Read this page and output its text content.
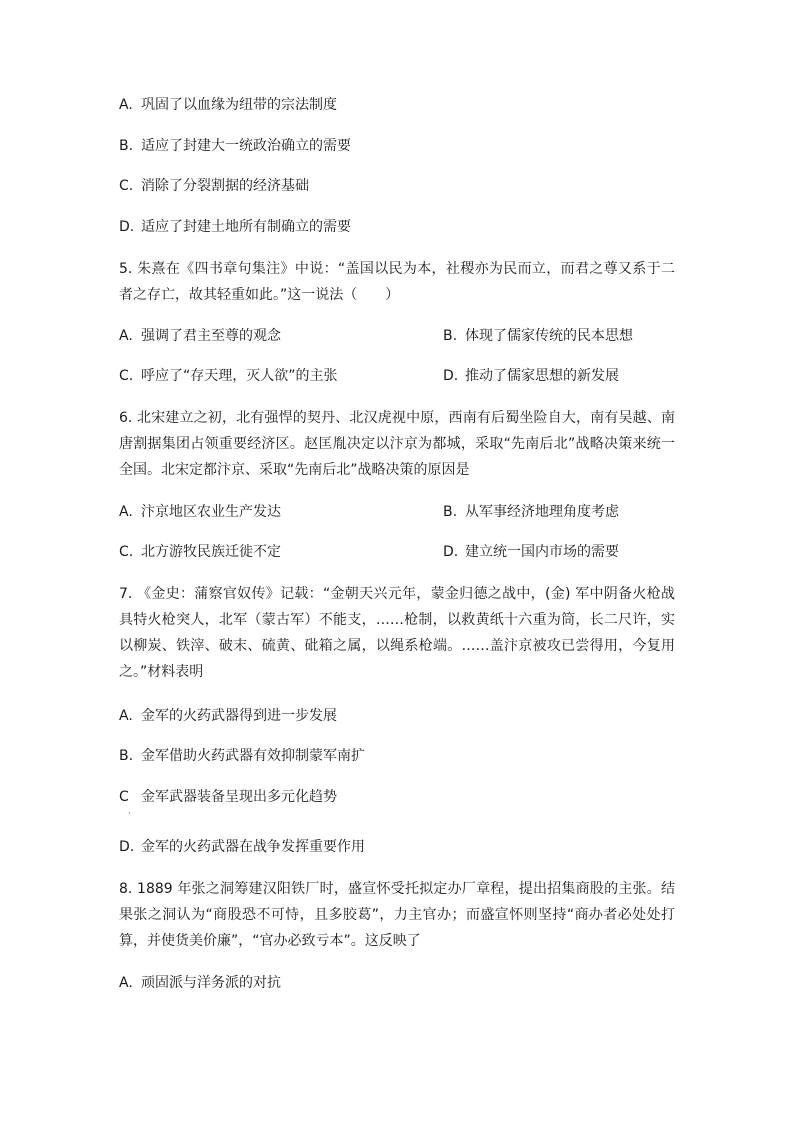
A. 巩固了以血缘为纽带的宗法制度
B. 适应了封建大一统政治确立的需要
C. 消除了分裂割据的经济基础
D. 适应了封建土地所有制确立的需要
5. 朱熹在《四书章句集注》中说：“盖国以民为本，社稷亦为民而立，而君之尊又系于二者之存亡，故其轻重如此。”这一说法（　　）
A. 强调了君主至尊的观念	B. 体现了儒家传统的民本思想
C. 呼应了“存天理，灭人欲”的主张	D. 推动了儒家思想的新发展
6. 北宋建立之初，北有强悍的契丹、北汉虎视中原，西南有后蜀坐险自大，南有吴越、南唐割据集团占领重要经济区。赵匡胤决定以汴京为都城，采取“先南后北”战略决策来统一全国。北宋定都汴京、采取“先南后北”战略决策的原因是
A. 汴京地区农业生产发达	B. 从军事经济地理角度考虑
C. 北方游牧民族迁徙不定	D. 建立统一国内市场的需要
7. 《金史：蒲察官奴传》记载：“金朝天兴元年，蒙金归德之战中，(金) 军中阴备火枪战具特火枪突人，北军（蒙古军）不能支，……枪制，以救黄纸十六重为筒，长二尺许，实以柳炭、铁滓、破末、硫黄、砒箱之属，以绳系枪端。……盖汴京被攻已尝得用，今复用之。”材料表明
A. 金军的火药武器得到进一步发展
B. 金军借助火药武器有效抑制蒙军南扩
C 金军武器装备呈现出多元化趋势
·
D. 金军的火药武器在战争发挥重要作用
8. 1889 年张之洞筹建汉阳铁厂时，盛宣怀受托拟定办厂章程，提出招集商股的主张。结果张之洞认为“商股恐不可恃，且多胶葛”，力主官办；而盛宣怀则坚持“商办者必处处打算，并使货美价廉”，“官办必致亏本”。这反映了
A. 顽固派与洋务派的对抗
